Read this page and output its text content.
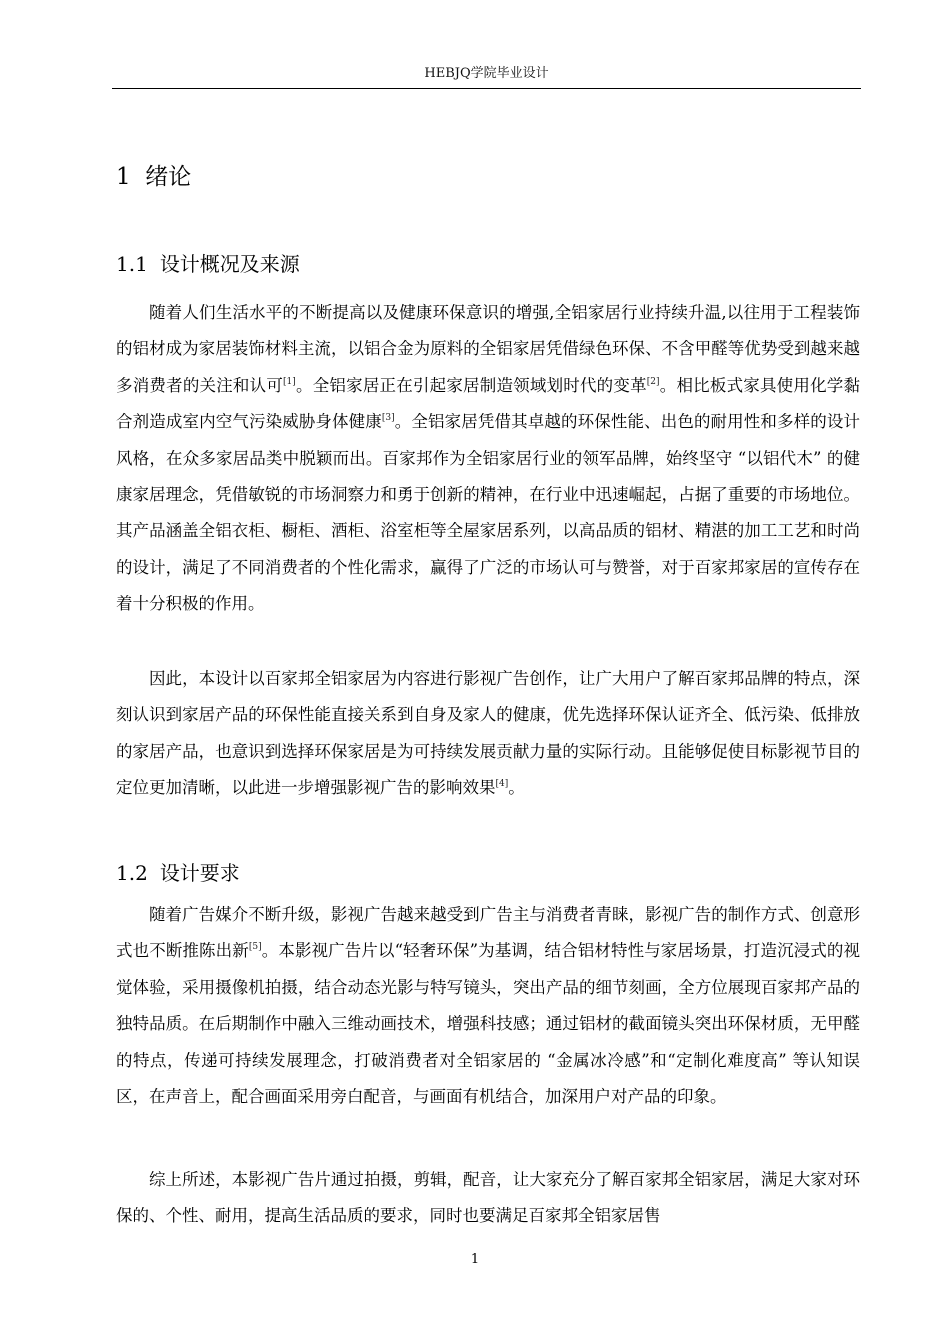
HEBJQ学院毕业设计
1 绪论
1.1 设计概况及来源

随着人们生活水平的不断提高以及健康环保意识的增强,全铝家居行业持续升温,以往用于工程装饰的铝材成为家居装饰材料主流，以铝合金为原料的全铝家居凭借绿色环保、不含甲醛等优势受到越来越多消费者的关注和认可[1]。全铝家居正在引起家居制造领域划时代的变革[2]。相比板式家具使用化学黏合剂造成室内空气污染威胁身体健康[3]。全铝家居凭借其卓越的环保性能、出色的耐用性和多样的设计风格，在众多家居品类中脱颖而出。百家邦作为全铝家居行业的领军品牌，始终坚守 “以铝代木” 的健康家居理念，凭借敏锐的市场洞察力和勇于创新的精神，在行业中迅速崛起，占据了重要的市场地位。其产品涵盖全铝衣柜、橱柜、酒柜、浴室柜等全屋家居系列，以高品质的铝材、精湛的加工工艺和时尚的设计，满足了不同消费者的个性化需求，赢得了广泛的市场认可与赞誉，对于百家邦家居的宣传存在着十分积极的作用。

因此，本设计以百家邦全铝家居为内容进行影视广告创作，让广大用户了解百家邦品牌的特点，深刻认识到家居产品的环保性能直接关系到自身及家人的健康，优先选择环保认证齐全、低污染、低排放的家居产品，也意识到选择环保家居是为可持续发展贡献力量的实际行动。且能够促使目标影视节目的定位更加清晰，以此进一步增强影视广告的影响效果[4]。

1.2 设计要求

随着广告媒介不断升级，影视广告越来越受到广告主与消费者青睐，影视广告的制作方式、创意形式也不断推陈出新[5]。本影视广告片以“轻奢环保”为基调，结合铝材特性与家居场景，打造沉浸式的视觉体验，采用摄像机拍摄，结合动态光影与特写镜头，突出产品的细节刻画，全方位展现百家邦产品的独特品质。在后期制作中融入三维动画技术，增强科技感；通过铝材的截面镜头突出环保材质，无甲醛的特点，传递可持续发展理念，打破消费者对全铝家居的 “金属冰冷感”和“定制化难度高” 等认知误区，在声音上，配合画面采用旁白配音，与画面有机结合，加深用户对产品的印象。

综上所述，本影视广告片通过拍摄，剪辑，配音，让大家充分了解百家邦全铝家居，满足大家对环保的、个性、耐用，提高生活品质的要求，同时也要满足百家邦全铝家居售

1
